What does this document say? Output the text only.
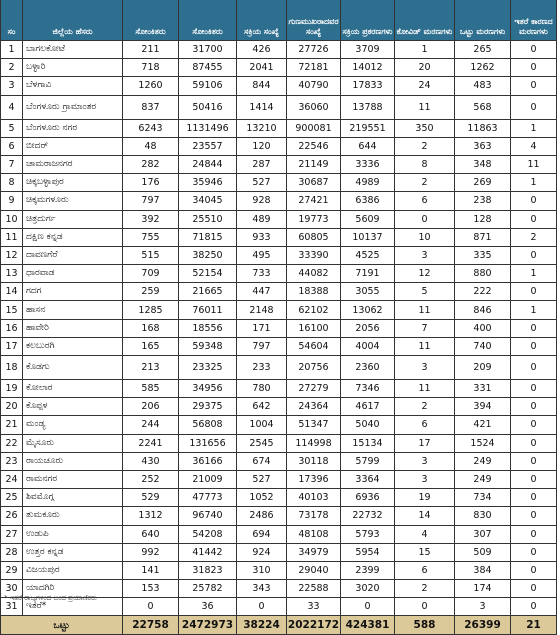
ಸಂ	ಜಿಲ್ಲೆಯ ಹೆಸರು	ಸೋಂಕಿತರು	ಸೋಂಕಿತರು	ಸಕ್ರಿಯ ಸಂಖ್ಯೆ	ಗುಣಮುಖರಾದವರ ಸಂಖ್ಯೆ	ಸಕ್ರಿಯ ಪ್ರಕರಣಗಳು	ಕೋವಿಡ್ ಮರಣಗಳು	ಒಟ್ಟು ಮರಣಗಳು	ಇತರೆ ಕಾರಣದ ಮರಣಗಳು
1	ಬಾಗಲಕೋಟೆ	211	31700	426	27726	3709	1	265	0
2	ಬಳ್ಳಾರಿ	718	87455	2041	72181	14012	20	1262	0
3	ಬೆಳಗಾವಿ	1260	59106	844	40790	17833	24	483	0
4	ಬೆಂಗಳೂರು ಗ್ರಾಮಾಂತರ	837	50416	1414	36060	13788	11	568	0
5	ಬೆಂಗಳೂರು ನಗರ	6243	1131496	13210	900081	219551	350	11863	1
6	ಬೀದರ್	48	23557	120	22546	644	2	363	4
7	ಚಾಮರಾಜನಗರ	282	24844	287	21149	3336	8	348	11
8	ಚಿಕ್ಕಬಳ್ಳಾಪುರ	176	35946	527	30687	4989	2	269	1
9	ಚಿಕ್ಕಮಗಳೂರು	797	34045	928	27421	6386	6	238	0
10	ಚಿತ್ರದುರ್ಗ	392	25510	489	19773	5609	0	128	0
11	ದಕ್ಷಿಣ ಕನ್ನಡ	755	71815	933	60805	10137	10	871	2
12	ದಾವಣಗೆರೆ	515	38250	495	33390	4525	3	335	0
13	ಧಾರವಾಡ	709	52154	733	44082	7191	12	880	1
14	ಗದಗ	259	21665	447	18388	3055	5	222	0
15	ಹಾಸನ	1285	76011	2148	62102	13062	11	846	1
16	ಹಾವೇರಿ	168	18556	171	16100	2056	7	400	0
17	ಕಲಬುರಗಿ	165	59348	797	54604	4004	11	740	0
18	ಕೊಡಗು	213	23325	233	20756	2360	3	209	0
19	ಕೋಲಾರ	585	34956	780	27279	7346	11	331	0
20	ಕೊಪ್ಪಳ	206	29375	642	24364	4617	2	394	0
21	ಮಂಡ್ಯ	244	56808	1004	51347	5040	6	421	0
22	ಮೈಸೂರು	2241	131656	2545	114998	15134	17	1524	0
23	ರಾಯಚೂರು	430	36166	674	30118	5799	3	249	0
24	ರಾಮನಗರ	252	21009	527	17396	3364	3	249	0
25	ಶಿವಮೊಗ್ಗ	529	47773	1052	40103	6936	19	734	0
26	ತುಮಕೂರು	1312	96740	2486	73178	22732	14	830	0
27	ಉಡುಪಿ	640	54208	694	48108	5793	4	307	0
28	ಉತ್ತರ ಕನ್ನಡ	992	41442	924	34979	5954	15	509	0
29	ವಿಜಯಪುರ	141	31823	310	29040	2399	6	384	0
30	ಯಾದಗಿರಿ	153	25782	343	22588	3020	2	174	0
31	ಇತರೆ*	0	36	0	33	0	0	3	0
ಒಟ್ಟು		22758	2472973	38224	2022172	424381	588	26399	21
* ಇತರೆ ರಾಜ್ಯಗಳಿಂದ ಬಂದ ಪ್ರಯಾಣಿಕರು
